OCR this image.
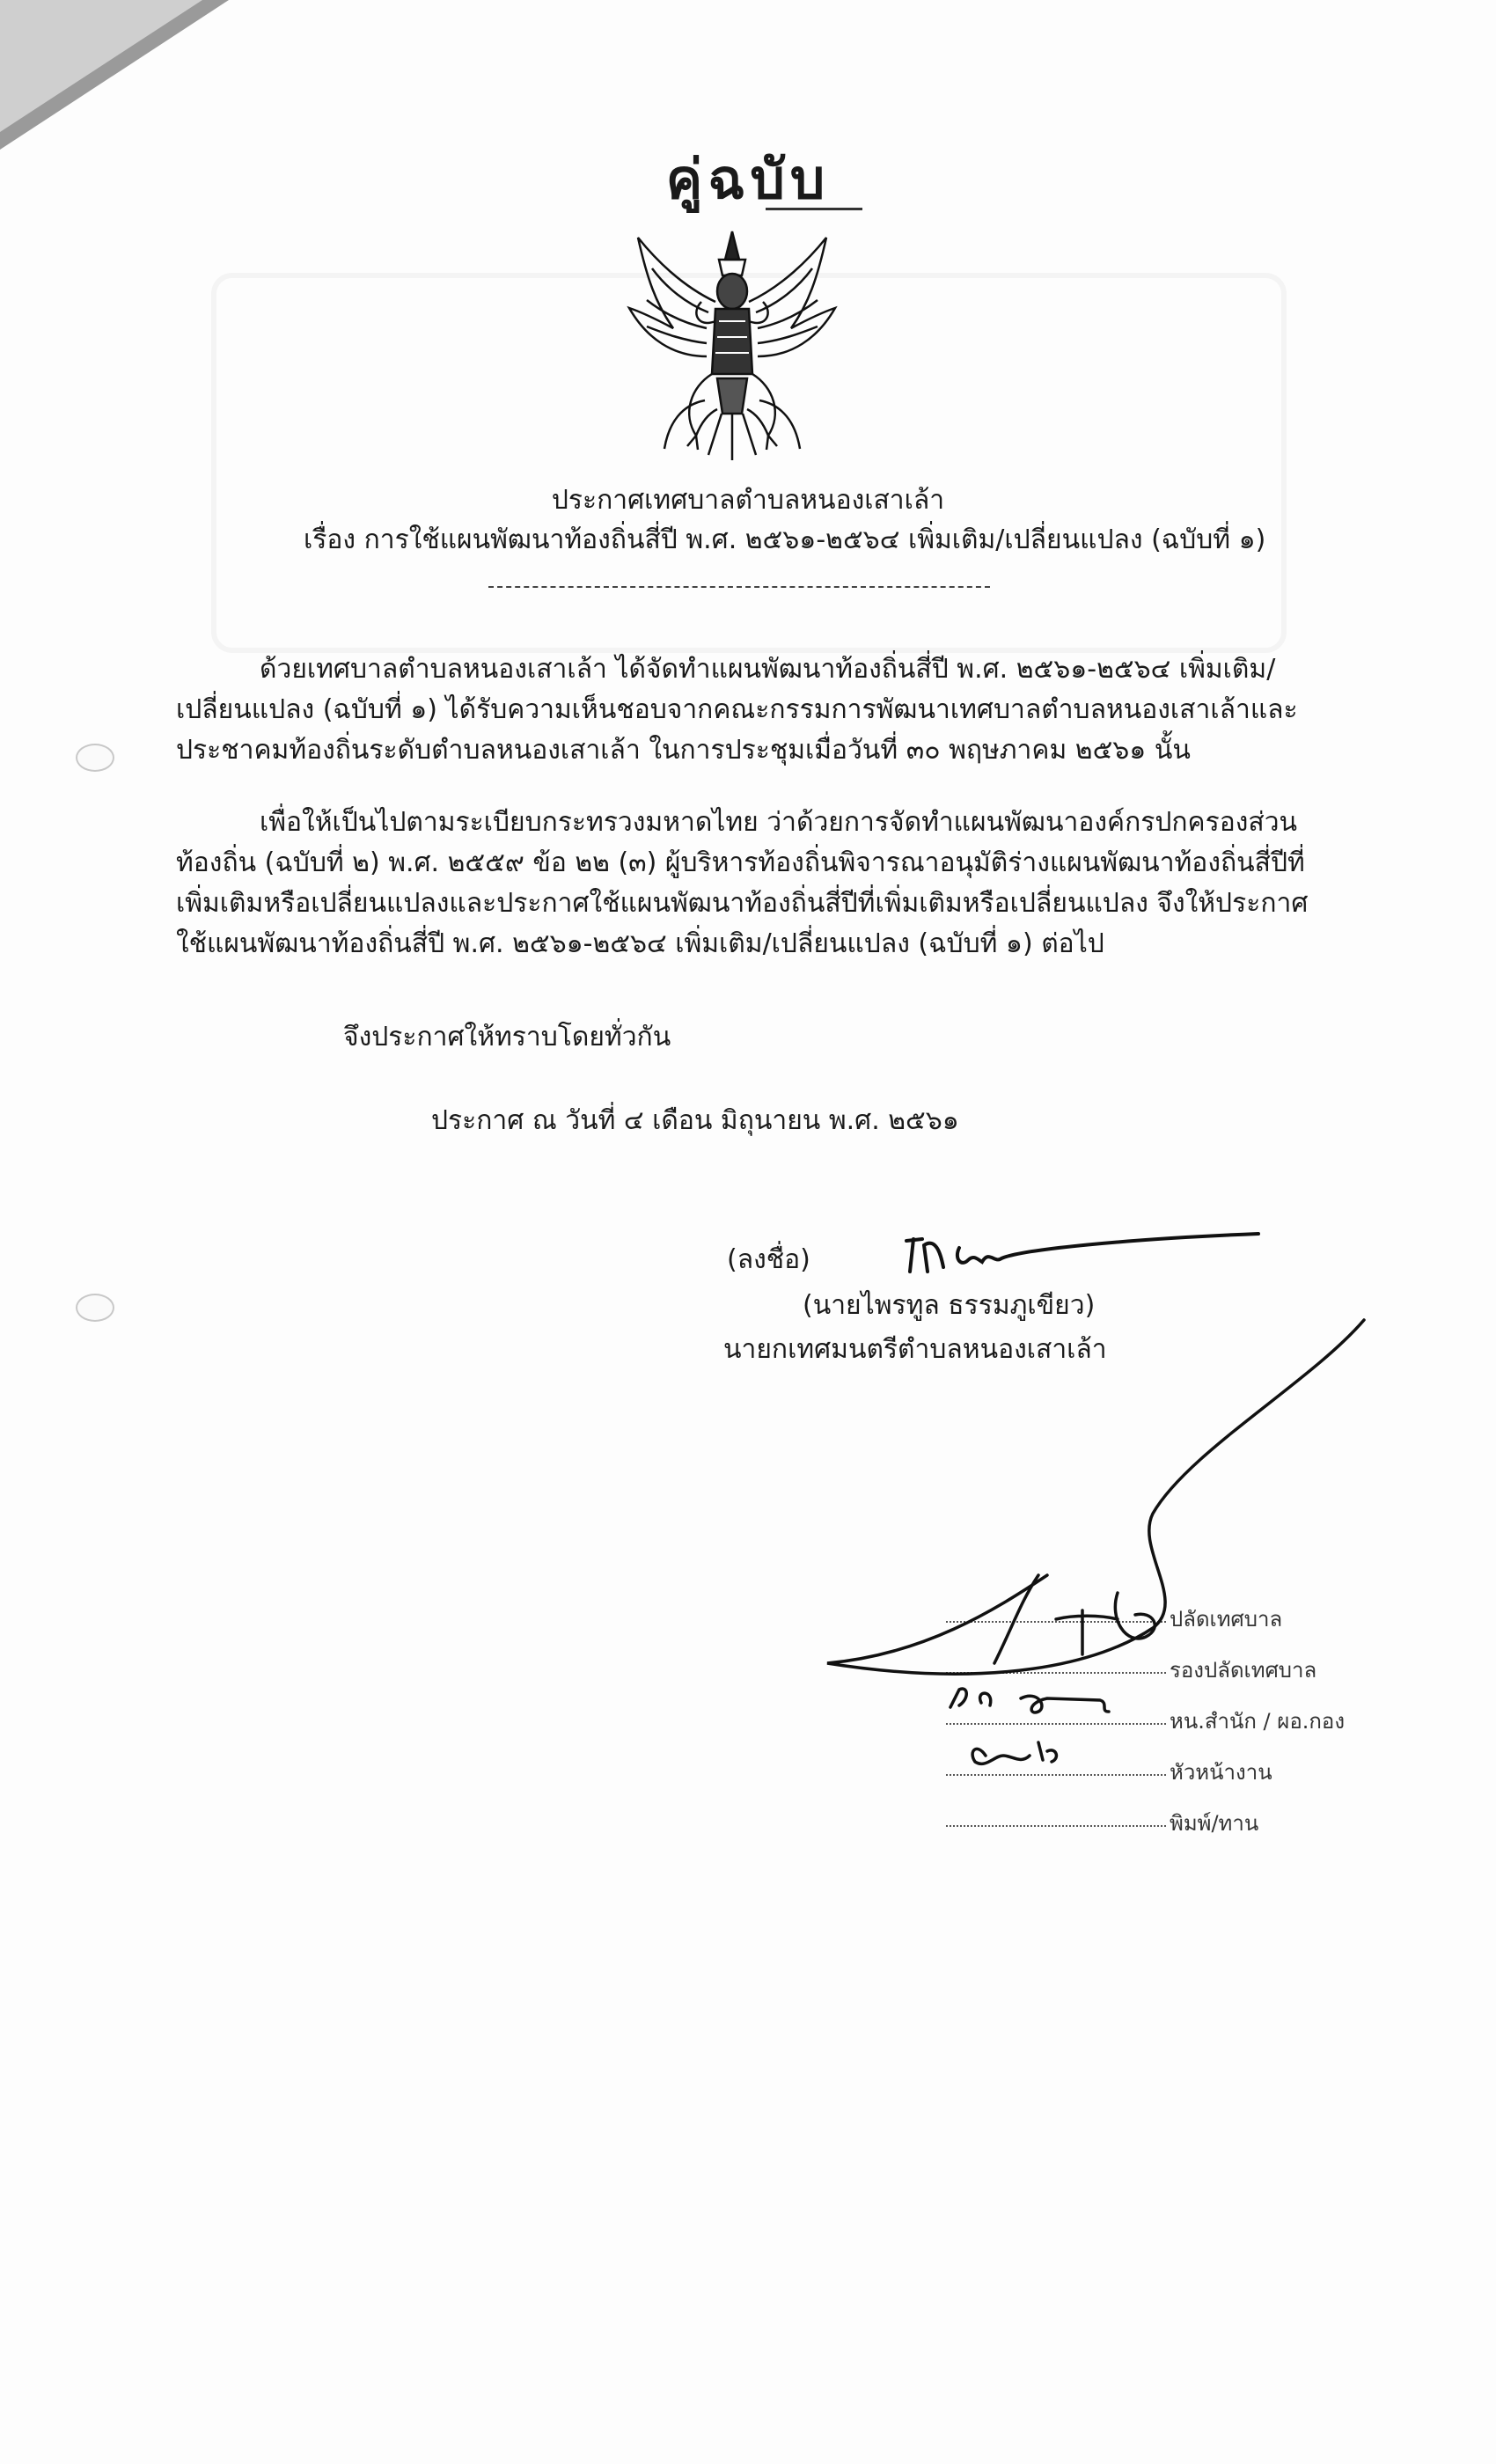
คู่ฉบับ
ประกาศเทศบาลตำบลหนองเสาเล้า
เรื่อง การใช้แผนพัฒนาท้องถิ่นสี่ปี พ.ศ. ๒๕๖๑-๒๕๖๔ เพิ่มเติม/เปลี่ยนแปลง (ฉบับที่ ๑)

ด้วยเทศบาลตำบลหนองเสาเล้า ได้จัดทำแผนพัฒนาท้องถิ่นสี่ปี พ.ศ. ๒๕๖๑-๒๕๖๔ เพิ่มเติม/เปลี่ยนแปลง (ฉบับที่ ๑) ได้รับความเห็นชอบจากคณะกรรมการพัฒนาเทศบาลตำบลหนองเสาเล้าและประชาคมท้องถิ่นระดับตำบลหนองเสาเล้า ในการประชุมเมื่อวันที่ ๓๐ พฤษภาคม ๒๕๖๑ นั้น

เพื่อให้เป็นไปตามระเบียบกระทรวงมหาดไทย ว่าด้วยการจัดทำแผนพัฒนาองค์กรปกครองส่วนท้องถิ่น (ฉบับที่ ๒) พ.ศ. ๒๕๕๙ ข้อ ๒๒ (๓) ผู้บริหารท้องถิ่นพิจารณาอนุมัติร่างแผนพัฒนาท้องถิ่นสี่ปีที่เพิ่มเติมหรือเปลี่ยนแปลงและประกาศใช้แผนพัฒนาท้องถิ่นสี่ปีที่เพิ่มเติมหรือเปลี่ยนแปลง จึงให้ประกาศใช้แผนพัฒนาท้องถิ่นสี่ปี พ.ศ. ๒๕๖๑-๒๕๖๔ เพิ่มเติม/เปลี่ยนแปลง (ฉบับที่ ๑) ต่อไป

จึงประกาศให้ทราบโดยทั่วกัน
ประกาศ ณ วันที่ ๔ เดือน มิถุนายน พ.ศ. ๒๕๖๑
(ลงชื่อ)
(นายไพรทูล ธรรมภูเขียว)
นายกเทศมนตรีตำบลหนองเสาเล้า
ปลัดเทศบาล
รองปลัดเทศบาล
หน.สำนัก / ผอ.กอง
หัวหน้างาน
พิมพ์/ทาน
